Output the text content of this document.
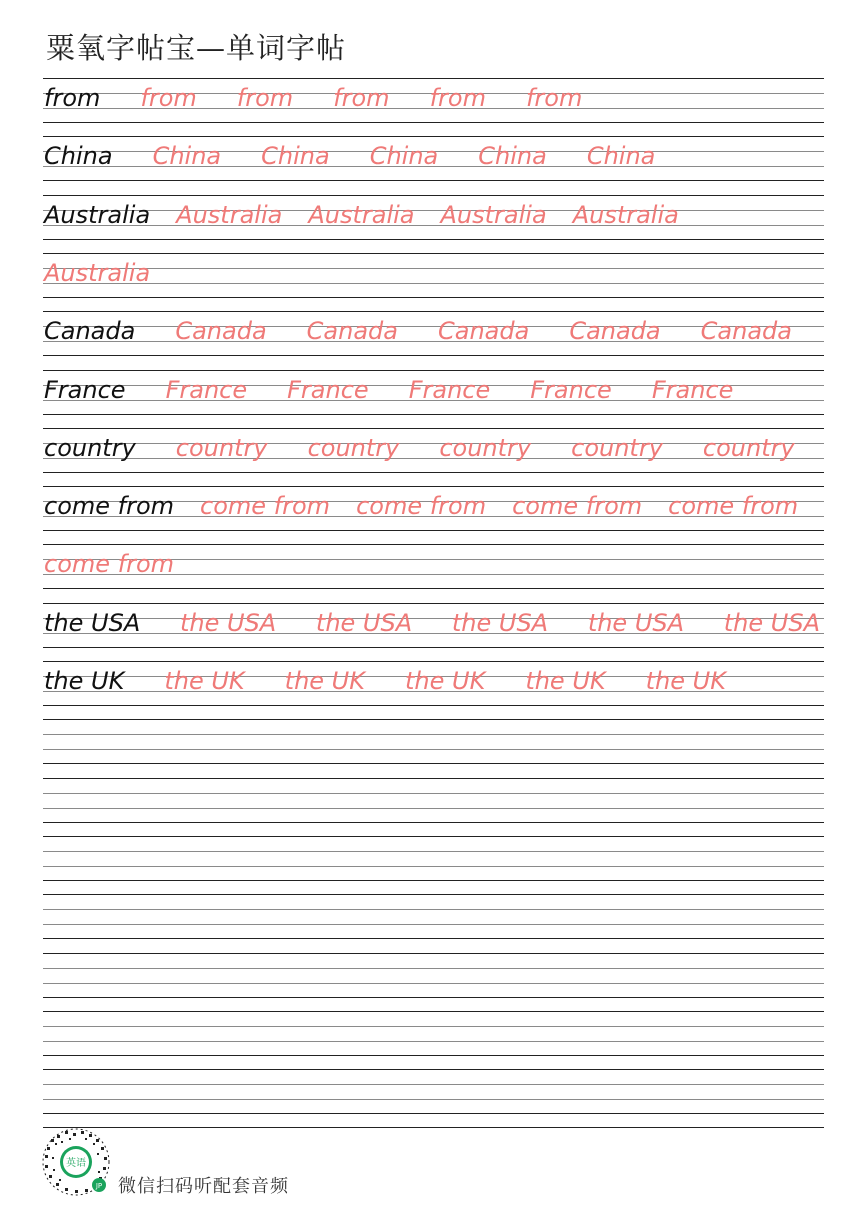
粟氧字帖宝—单词字帖
from from from from from from
China China China China China China
Australia Australia Australia Australia Australia
Australia
Canada Canada Canada Canada Canada Canada
France France France France France France
country country country country country country
come from come from come from come from come from
come from
the USA the USA the USA the USA the USA the USA
the UK the UK the UK the UK the UK the UK
英语
JP 微信扫码听配套音频
